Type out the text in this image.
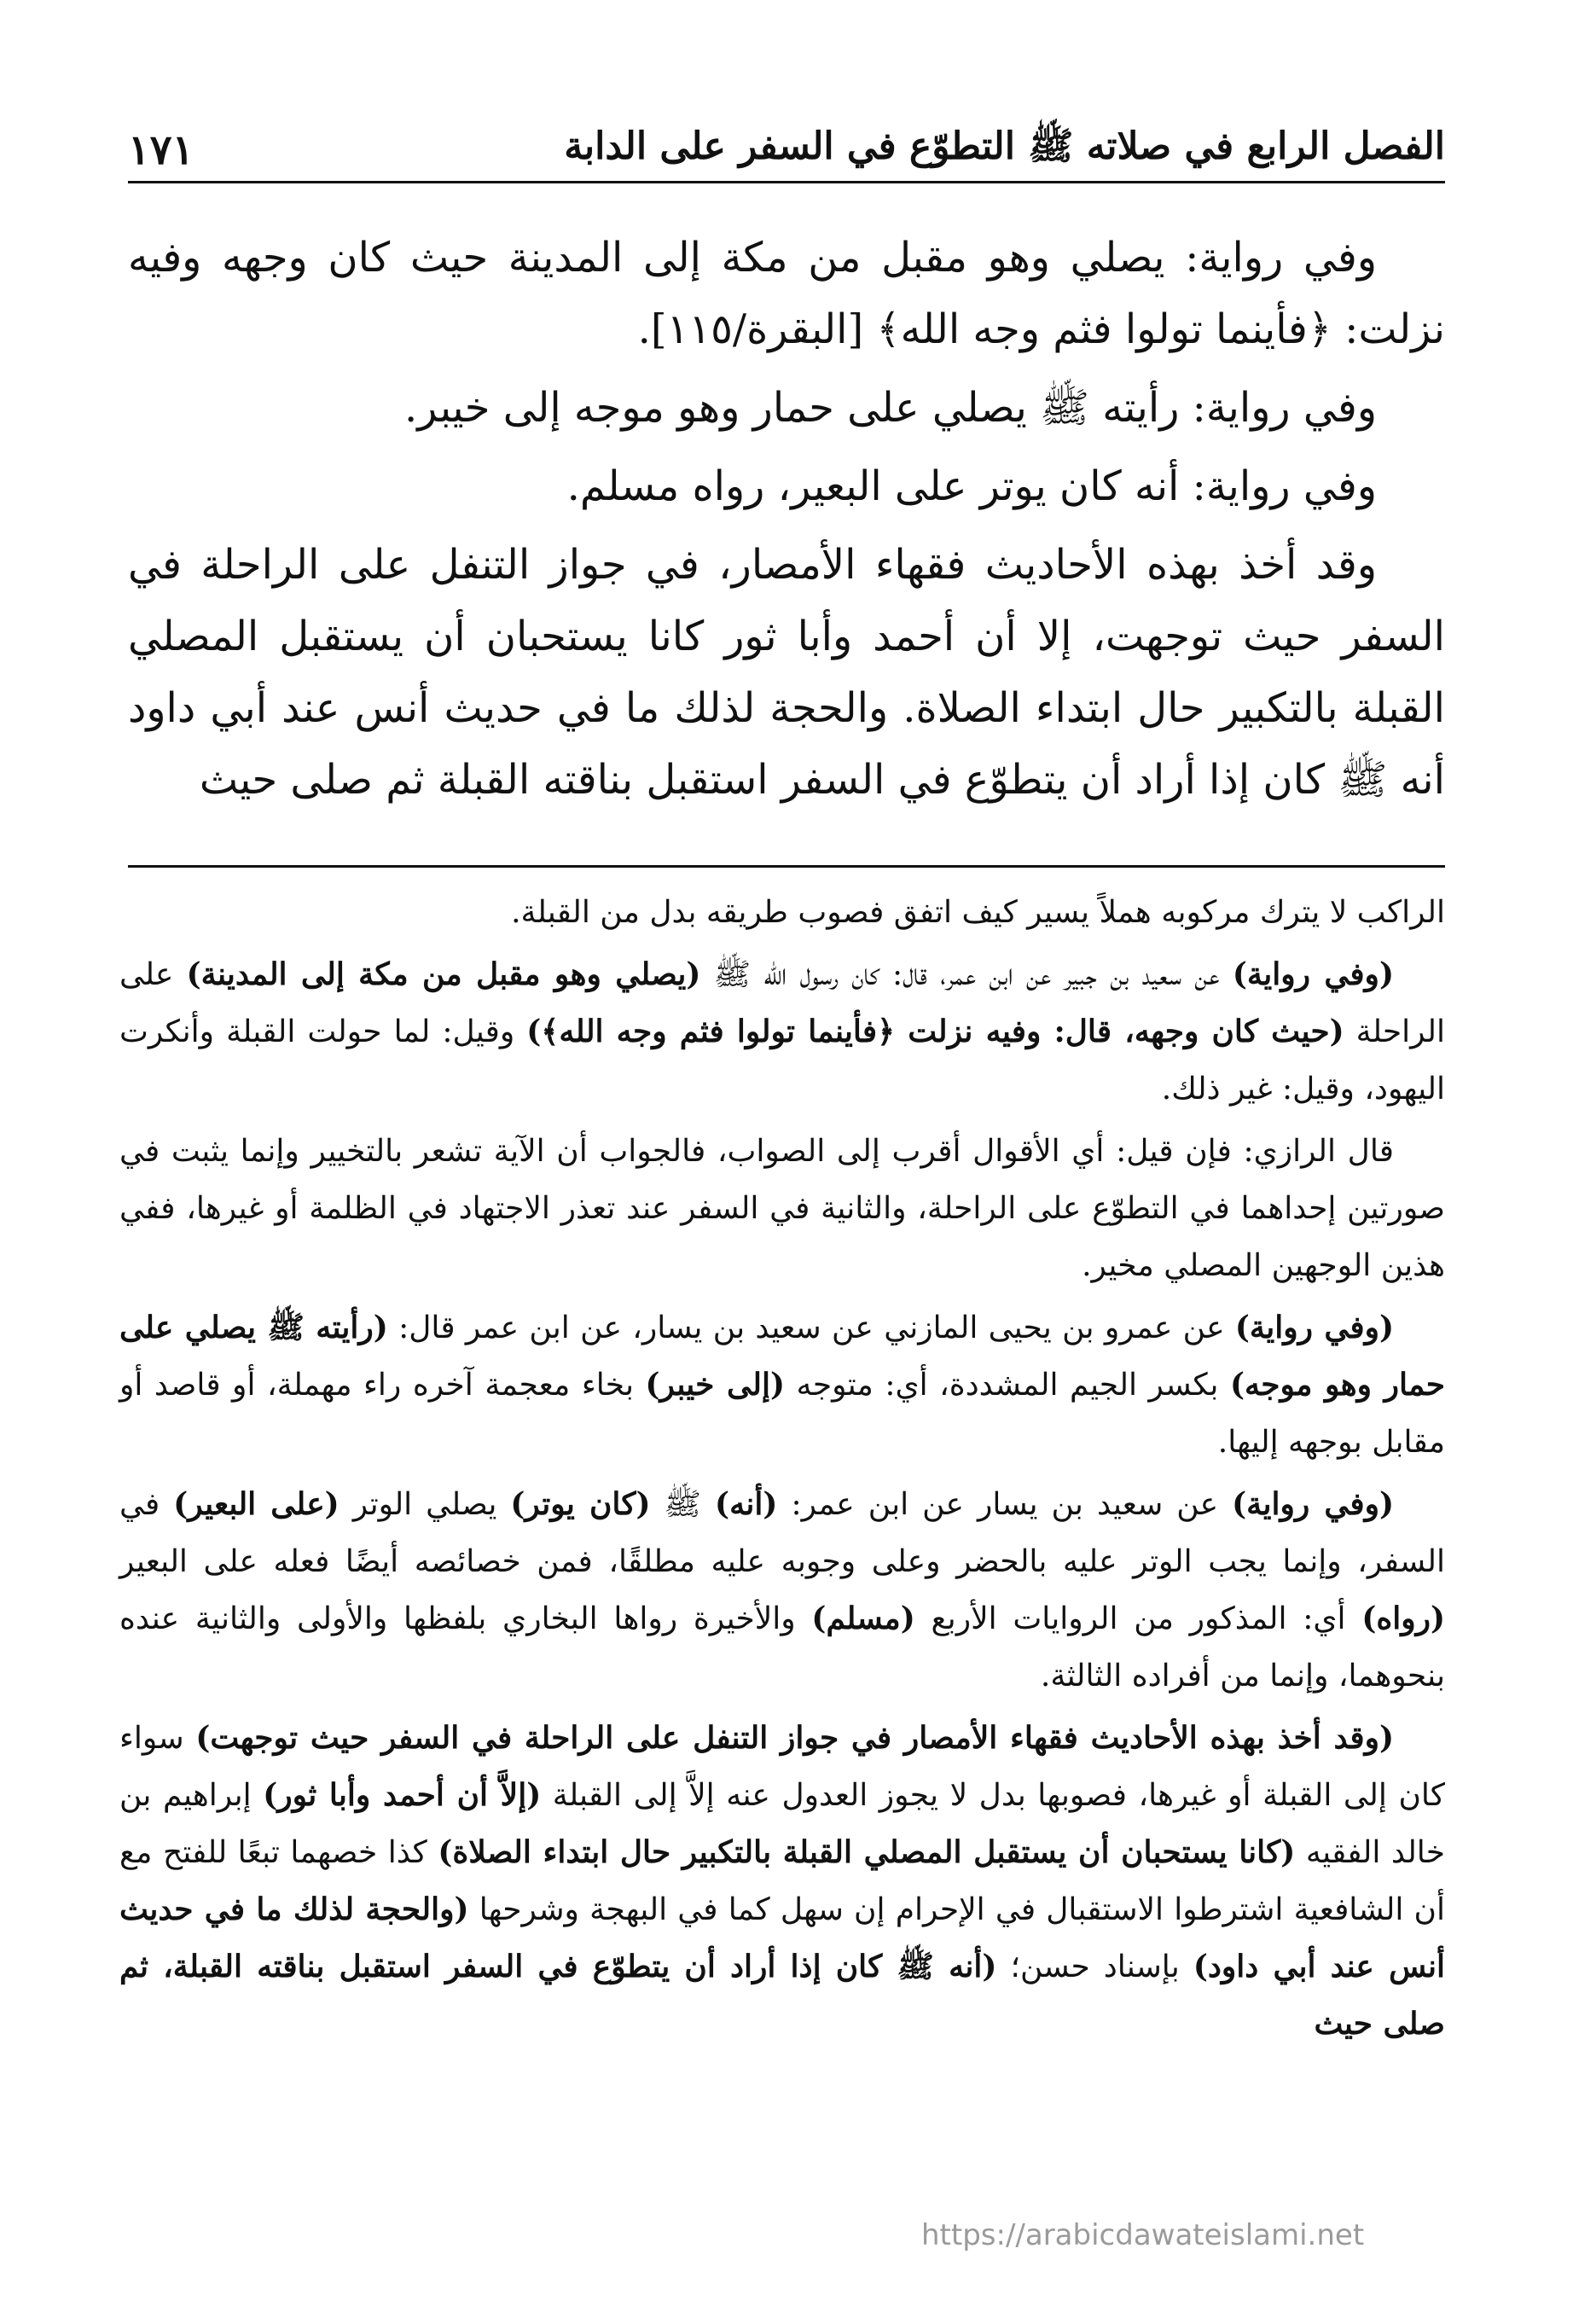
الفصل الرابع في صلاته ﷺ التطوّع في السفر على الدابة
١٧١

وفي رواية: يصلي وهو مقبل من مكة إلى المدينة حيث كان وجهه وفيه نزلت: ﴿فأينما تولوا فثم وجه الله﴾ [البقرة/١١٥].

وفي رواية: رأيته ﷺ يصلي على حمار وهو موجه إلى خيبر.

وفي رواية: أنه كان يوتر على البعير، رواه مسلم.

وقد أخذ بهذه الأحاديث فقهاء الأمصار، في جواز التنفل على الراحلة في السفر حيث توجهت، إلا أن أحمد وأبا ثور كانا يستحبان أن يستقبل المصلي القبلة بالتكبير حال ابتداء الصلاة. والحجة لذلك ما في حديث أنس عند أبي داود أنه ﷺ كان إذا أراد أن يتطوّع في السفر استقبل بناقته القبلة ثم صلى حيث

الراكب لا يترك مركوبه هملاً يسير كيف اتفق فصوب طريقه بدل من القبلة.

(وفي رواية) عن سعيد بن جبير عن ابن عمر، قال: كان رسول الله ﷺ (يصلي وهو مقبل من مكة إلى المدينة) على الراحلة (حيث كان وجهه، قال: وفيه نزلت ﴿فأينما تولوا فثم وجه الله﴾) وقيل: لما حولت القبلة وأنكرت اليهود، وقيل: غير ذلك.

قال الرازي: فإن قيل: أي الأقوال أقرب إلى الصواب، فالجواب أن الآية تشعر بالتخيير وإنما يثبت في صورتين إحداهما في التطوّع على الراحلة، والثانية في السفر عند تعذر الاجتهاد في الظلمة أو غيرها، ففي هذين الوجهين المصلي مخير.

(وفي رواية) عن عمرو بن يحيى المازني عن سعيد بن يسار، عن ابن عمر قال: (رأيته ﷺ يصلي على حمار وهو موجه) بكسر الجيم المشددة، أي: متوجه (إلى خيبر) بخاء معجمة آخره راء مهملة، أو قاصد أو مقابل بوجهه إليها.

(وفي رواية) عن سعيد بن يسار عن ابن عمر: (أنه) ﷺ (كان يوتر) يصلي الوتر (على البعير) في السفر، وإنما يجب الوتر عليه بالحضر وعلى وجوبه عليه مطلقًا، فمن خصائصه أيضًا فعله على البعير (رواه) أي: المذكور من الروايات الأربع (مسلم) والأخيرة رواها البخاري بلفظها والأولى والثانية عنده بنحوهما، وإنما من أفراده الثالثة.

(وقد أخذ بهذه الأحاديث فقهاء الأمصار في جواز التنفل على الراحلة في السفر حيث توجهت) سواء كان إلى القبلة أو غيرها، فصوبها بدل لا يجوز العدول عنه إلاَّ إلى القبلة (إلاَّ أن أحمد وأبا ثور) إبراهيم بن خالد الفقيه (كانا يستحبان أن يستقبل المصلي القبلة بالتكبير حال ابتداء الصلاة) كذا خصهما تبعًا للفتح مع أن الشافعية اشترطوا الاستقبال في الإحرام إن سهل كما في البهجة وشرحها (والحجة لذلك ما في حديث أنس عند أبي داود) بإسناد حسن؛ (أنه ﷺ كان إذا أراد أن يتطوّع في السفر استقبل بناقته القبلة، ثم صلى حيث

https://arabicdawateislami.net
